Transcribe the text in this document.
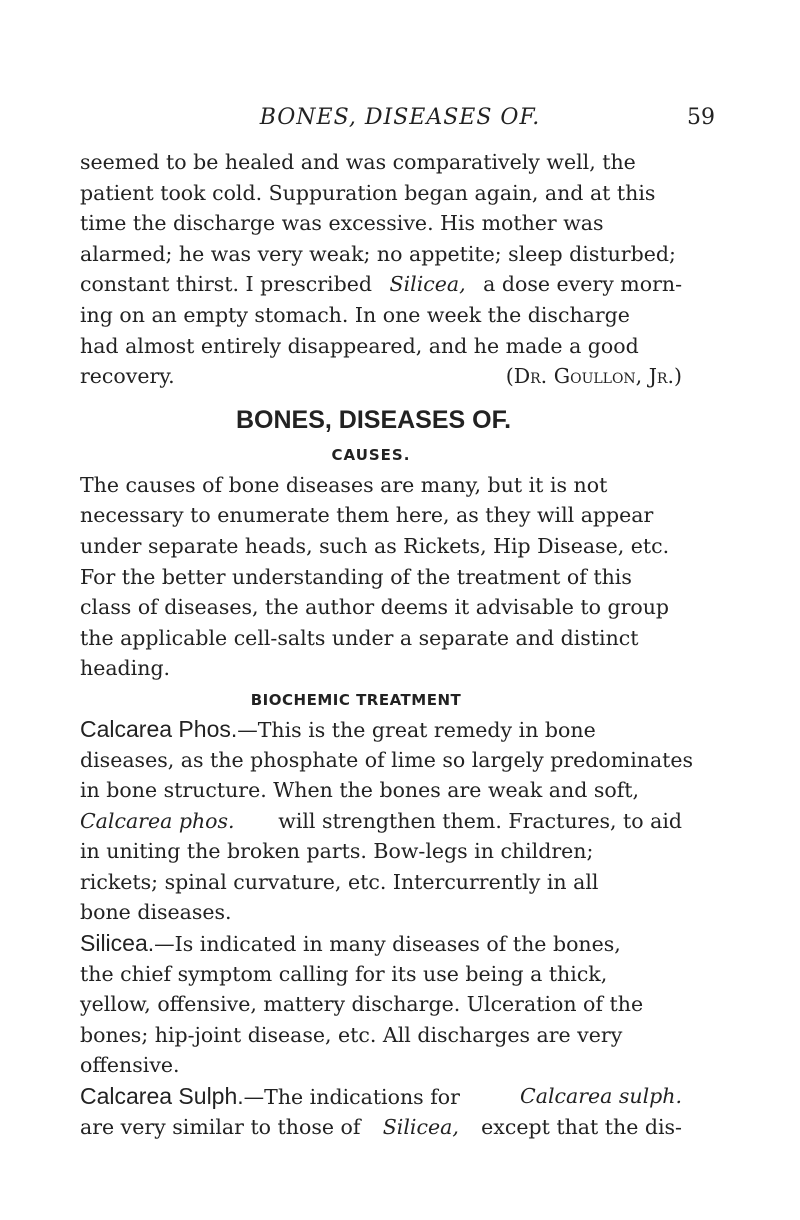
BONES, DISEASES OF.	59
seemed to be healed and was comparatively well, the
patient took cold. Suppuration began again, and at this
time the discharge was excessive. His mother was
alarmed; he was very weak; no appetite; sleep disturbed;
constant thirst. I prescribed Silicea, a dose every morn-
ing on an empty stomach. In one week the discharge
had almost entirely disappeared, and he made a good
recovery.	(Dr. Goullon, Jr.)
BONES, DISEASES OF.
CAUSES.
The causes of bone diseases are many, but it is not
necessary to enumerate them here, as they will appear
under separate heads, such as Rickets, Hip Disease, etc.
For the better understanding of the treatment of this
class of diseases, the author deems it advisable to group
the applicable cell-salts under a separate and distinct
heading.
BIOCHEMIC TREATMENT
Calcarea Phos.—This is the great remedy in bone
diseases, as the phosphate of lime so largely predominates
in bone structure. When the bones are weak and soft,
Calcarea phos. will strengthen them. Fractures, to aid
in uniting the broken parts. Bow-legs in children;
rickets; spinal curvature, etc. Intercurrently in all
bone diseases.
Silicea.—Is indicated in many diseases of the bones,
the chief symptom calling for its use being a thick,
yellow, offensive, mattery discharge. Ulceration of the
bones; hip-joint disease, etc. All discharges are very
offensive.
Calcarea Sulph.—The indications for	Calcarea sulph.
are very similar to those of Silicea, except that the dis-
